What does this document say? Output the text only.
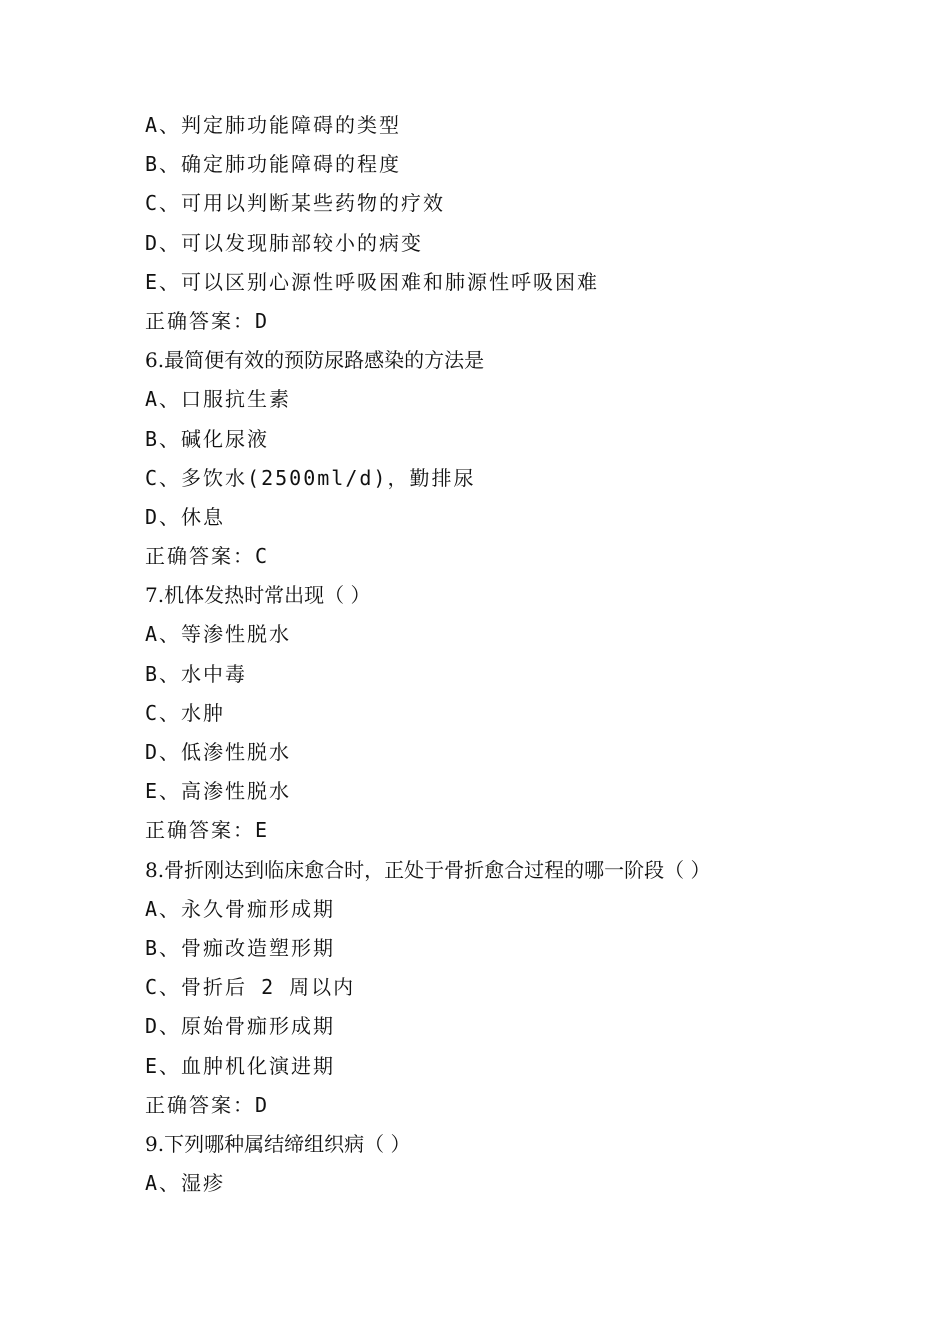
A、判定肺功能障碍的类型
B、确定肺功能障碍的程度
C、可用以判断某些药物的疗效
D、可以发现肺部较小的病变
E、可以区别心源性呼吸困难和肺源性呼吸困难
正确答案：D
6.最简便有效的预防尿路感染的方法是
A、口服抗生素
B、碱化尿液
C、多饮水(2500ml/d)，勤排尿
D、休息
正确答案：C
7.机体发热时常出现（ ）
A、等渗性脱水
B、水中毒
C、水肿
D、低渗性脱水
E、高渗性脱水
正确答案：E
8.骨折刚达到临床愈合时，正处于骨折愈合过程的哪一阶段（ ）
A、永久骨痂形成期
B、骨痂改造塑形期
C、骨折后 2 周以内
D、原始骨痂形成期
E、血肿机化演进期
正确答案：D
9.下列哪种属结缔组织病（ ）
A、湿疹
